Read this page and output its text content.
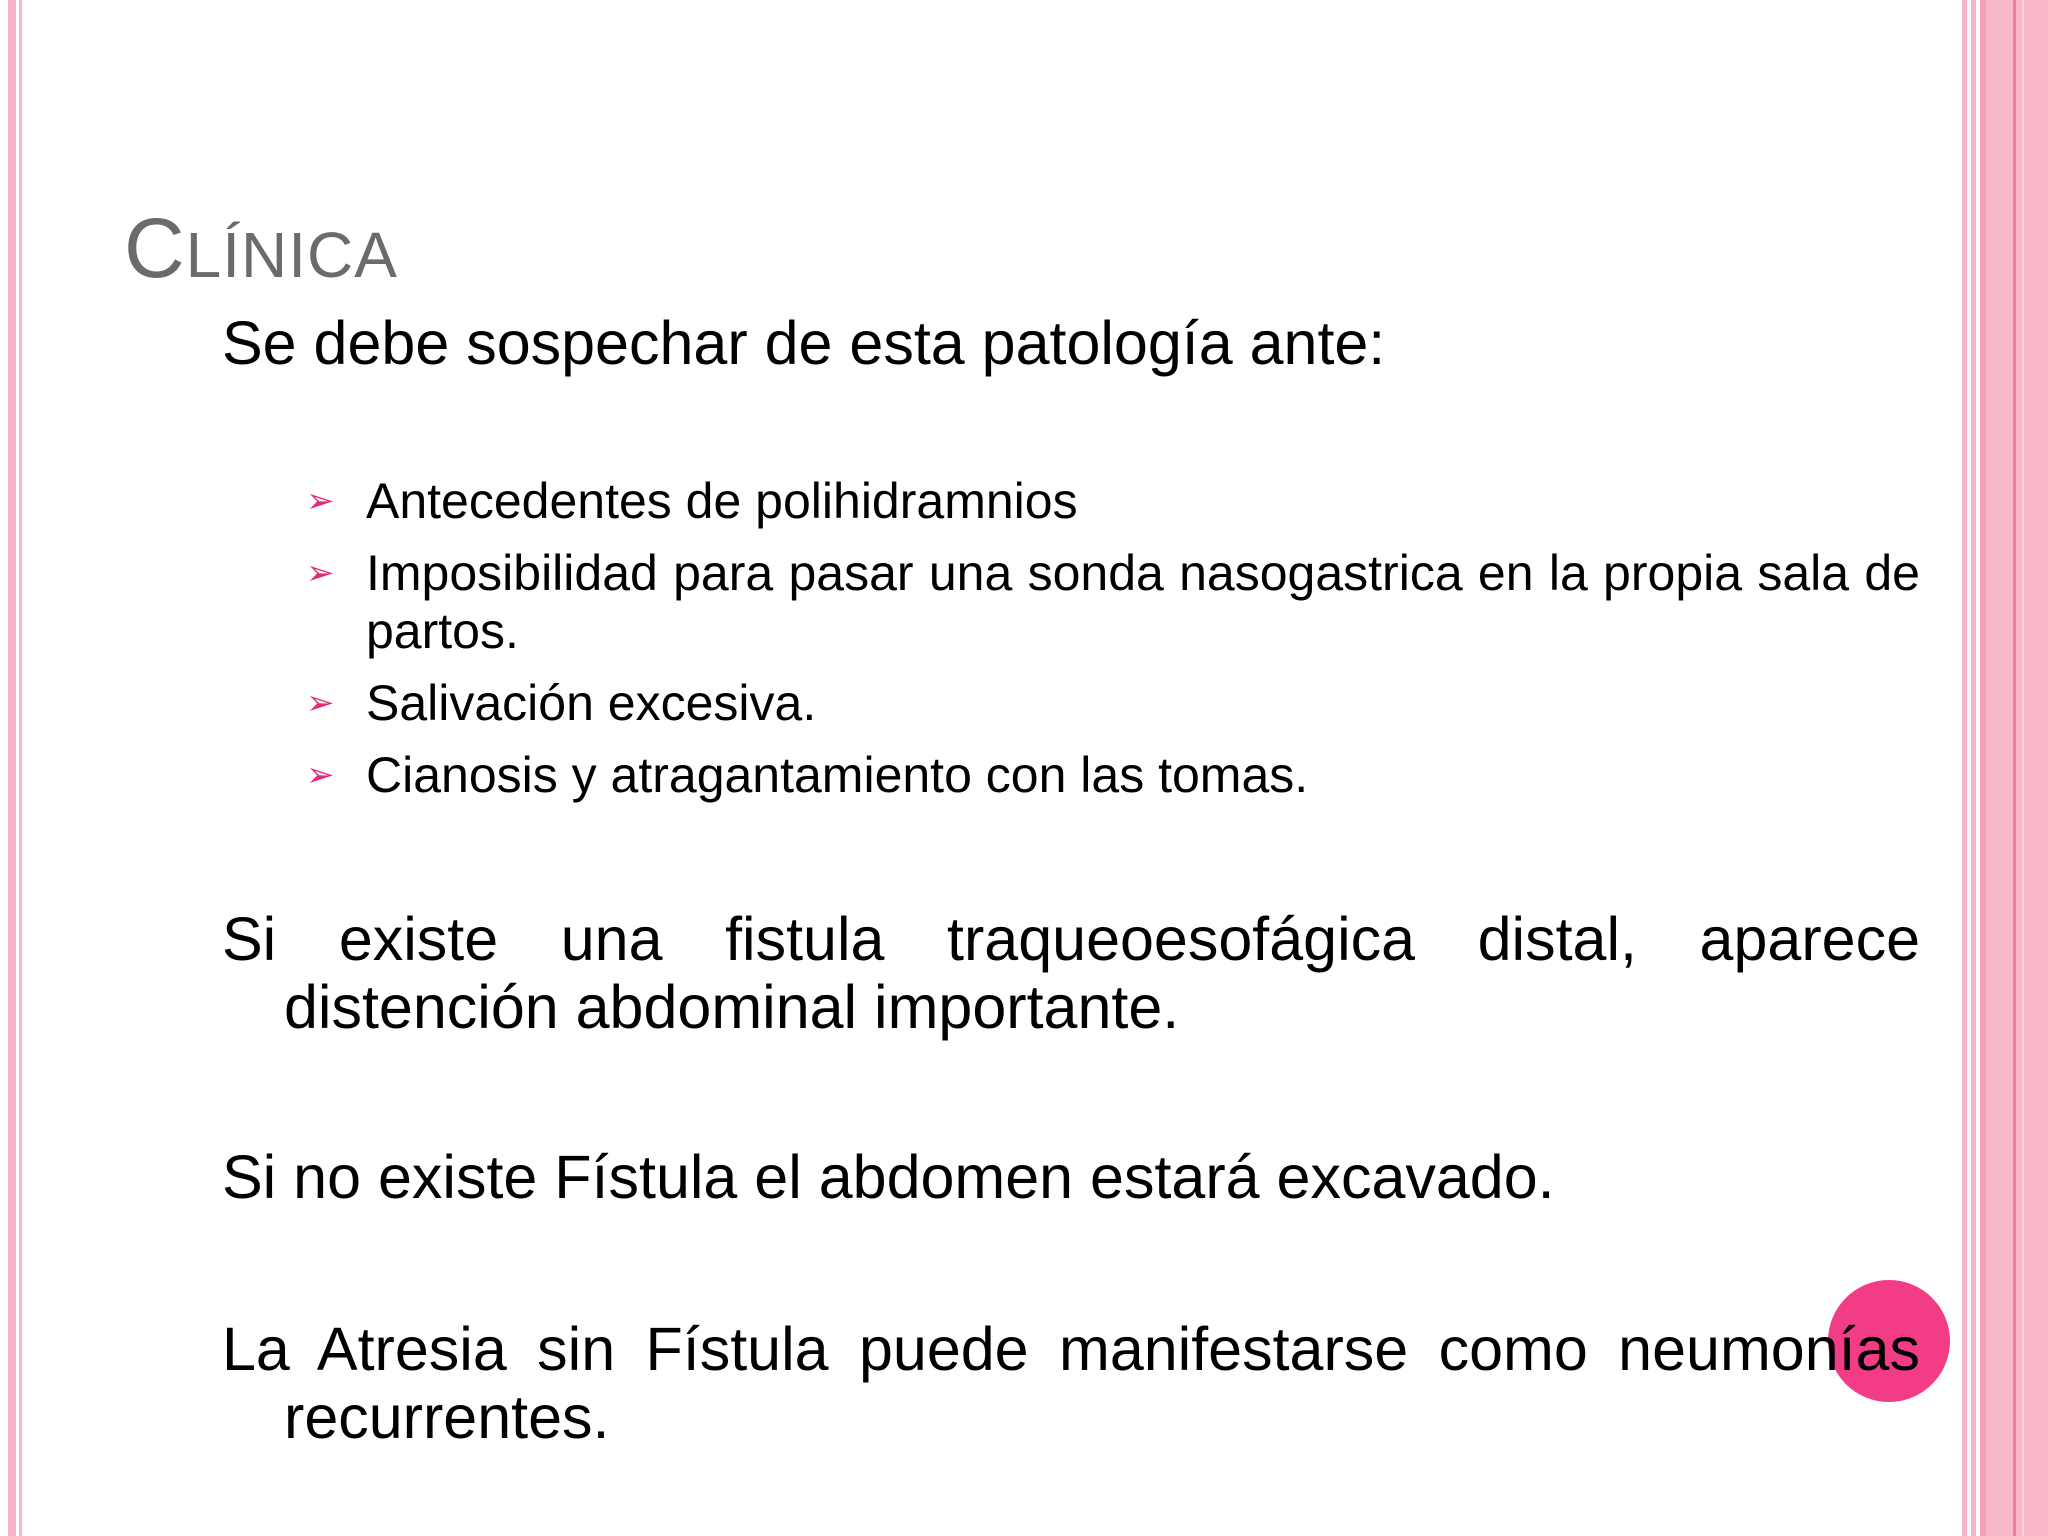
CLÍNICA
Se debe sospechar de esta patología ante:
➢ Antecedentes de polihidramnios
➢ Imposibilidad para pasar una sonda nasogastrica en la propia sala de partos.
➢ Salivación excesiva.
➢ Cianosis y atragantamiento con las tomas.
Si existe una fistula traqueoesofágica distal, aparece
distención abdominal importante.
Si no existe Fístula el abdomen estará excavado.
La Atresia sin Fístula puede manifestarse como neumonías
recurrentes.
